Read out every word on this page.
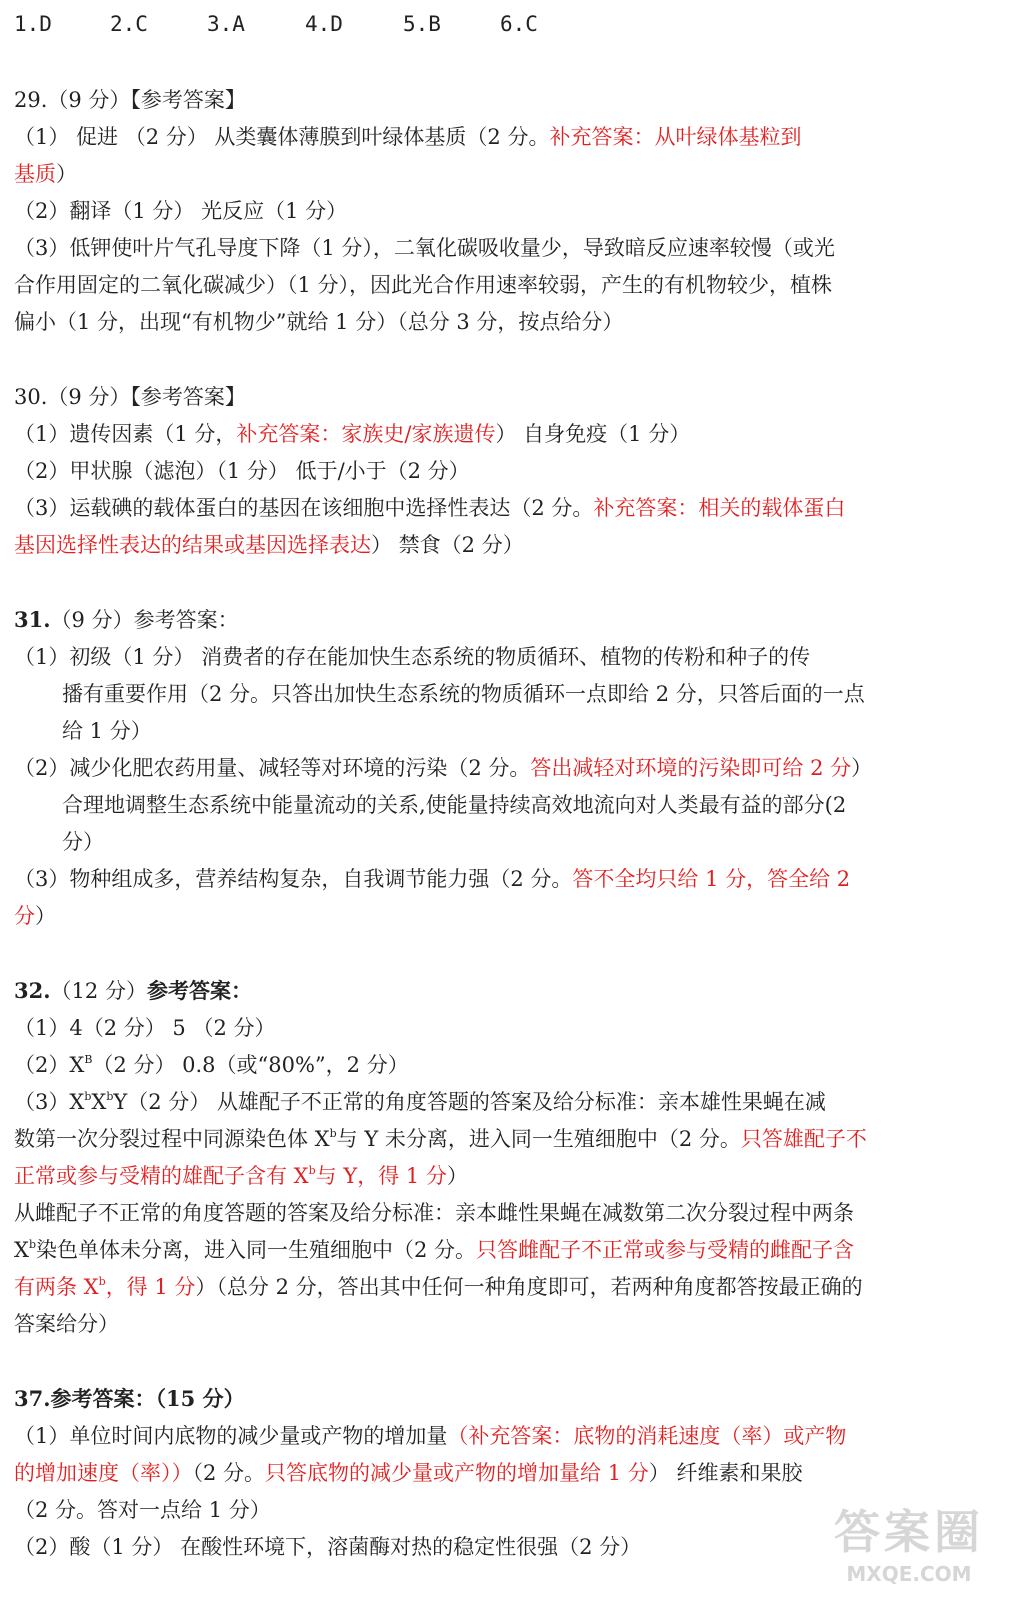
1.D	2.C	3.A	4.D	5.B	6.C
29.（9 分）【参考答案】
（1） 促进 （2 分） 从类囊体薄膜到叶绿体基质（2 分。补充答案：从叶绿体基粒到
基质）
（2）翻译（1 分） 光反应（1 分）
（3）低钾使叶片气孔导度下降（1 分），二氧化碳吸收量少，导致暗反应速率较慢（或光
合作用固定的二氧化碳减少）（1 分），因此光合作用速率较弱，产生的有机物较少，植株
偏小（1 分，出现“有机物少”就给 1 分）（总分 3 分，按点给分）
30.（9 分）【参考答案】
（1）遗传因素（1 分，补充答案：家族史/家族遗传） 自身免疫（1 分）
（2）甲状腺（滤泡）（1 分） 低于/小于（2 分）
（3）运载碘的载体蛋白的基因在该细胞中选择性表达（2 分。补充答案：相关的载体蛋白
基因选择性表达的结果或基因选择表达） 禁食（2 分）
31.（9 分）参考答案：
（1）初级（1 分） 消费者的存在能加快生态系统的物质循环、植物的传粉和种子的传
播有重要作用（2 分。只答出加快生态系统的物质循环一点即给 2 分，只答后面的一点
给 1 分）
（2）减少化肥农药用量、减轻等对环境的污染（2 分。答出减轻对环境的污染即可给 2 分）
合理地调整生态系统中能量流动的关系,使能量持续高效地流向对人类最有益的部分(2
分）
（3）物种组成多，营养结构复杂，自我调节能力强（2 分。答不全均只给 1 分，答全给 2
分）
32.（12 分）参考答案：
（1）4（2 分） 5 （2 分）
$(2)X^B(2$ 分） 0.8（或“80%”，2 分）
$(3)X^bX^bY(2$ 分） 从雄配子不正常的角度答题的答案及给分标准：亲本雄性果蝇在减
数第一次分裂过程中同源染色体 $X^b$与 Y 未分离，进入同一生殖细胞中（2 分。只答雄配子不
正常或参与受精的雄配子含有 $X^b$与 Y，得 1 分）
从雌配子不正常的角度答题的答案及给分标准：亲本雌性果蝇在减数第二次分裂过程中两条
$X^b$染色单体未分离，进入同一生殖细胞中（2 分。只答雌配子不正常或参与受精的雌配子含
有两条 $X^b$，得 1 分）（总分 2 分，答出其中任何一种角度即可，若两种角度都答按最正确的
答案给分）
37.参考答案：（15 分）
（1）单位时间内底物的减少量或产物的增加量（补充答案：底物的消耗速度（率）或产物
的增加速度（率））（2 分。只答底物的减少量或产物的增加量给 1 分） 纤维素和果胶
（2 分。答对一点给 1 分）
（2）酸（1 分） 在酸性环境下，溶菌酶对热的稳定性很强（2 分）	答案圈
MXQE.COM
